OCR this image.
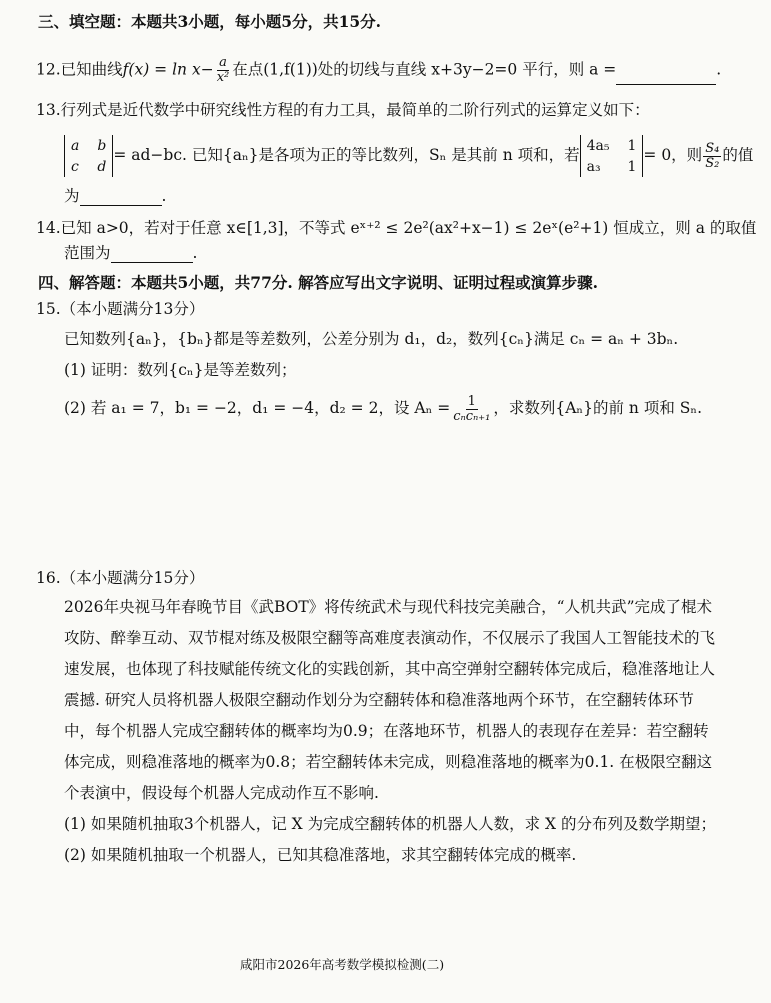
三、填空题：本题共3小题，每小题5分，共15分.
12.已知曲线$f(x) = \ln x- \frac{a}{\text{x²}}$ 在点(1,f(1))处的切线与直线 x+3y−2=0 平行，则 a =	.
13.行列式是近代数学中研究线性方程的有力工具，最简单的二阶行列式的运算定义如下：
a b
c d
= ad−bc. 已知{aₙ}是各项为正的等比数列，Sₙ 是其前 n 项和，若
4a₅ 1
a₃ 1
= 0，则 $\frac{\text{S₄}}{\text{S₂}}$ 的值
为	.
14.已知 a>0，若对于任意 x∈[1,3]，不等式 eˣ⁺² ≤ 2e²(ax²+x−1) ≤ 2eˣ(e²+1) 恒成立，则 a 的取值
范围为	.
四、解答题：本题共5小题，共77分. 解答应写出文字说明、证明过程或演算步骤.
15.（本小题满分13分）
已知数列{aₙ}，{bₙ}都是等差数列，公差分别为 d₁，d₂，数列{cₙ}满足 cₙ = aₙ + 3bₙ.
(1) 证明：数列{cₙ}是等差数列；
(2) 若 a₁ = 7，b₁ = −2，d₁ = −4，d₂ = 2，设 $A_n = \frac{1}{\text{cₙcₙ₊₁}}$ ，求数列{Aₙ}的前 n 项和 Sₙ.
16.（本小题满分15分）
2026年央视马年春晚节目《武BOT》将传统武术与现代科技完美融合，“人机共武”完成了棍术
攻防、醉拳互动、双节棍对练及极限空翻等高难度表演动作，不仅展示了我国人工智能技术的飞
速发展，也体现了科技赋能传统文化的实践创新，其中高空弹射空翻转体完成后，稳准落地让人
震撼. 研究人员将机器人极限空翻动作划分为空翻转体和稳准落地两个环节，在空翻转体环节
中，每个机器人完成空翻转体的概率均为0.9；在落地环节，机器人的表现存在差异：若空翻转
体完成，则稳准落地的概率为0.8；若空翻转体未完成，则稳准落地的概率为0.1. 在极限空翻这
个表演中，假设每个机器人完成动作互不影响.
(1) 如果随机抽取3个机器人，记 X 为完成空翻转体的机器人人数，求 X 的分布列及数学期望；
(2) 如果随机抽取一个机器人，已知其稳准落地，求其空翻转体完成的概率.
咸阳市2026年高考数学模拟检测(二)
